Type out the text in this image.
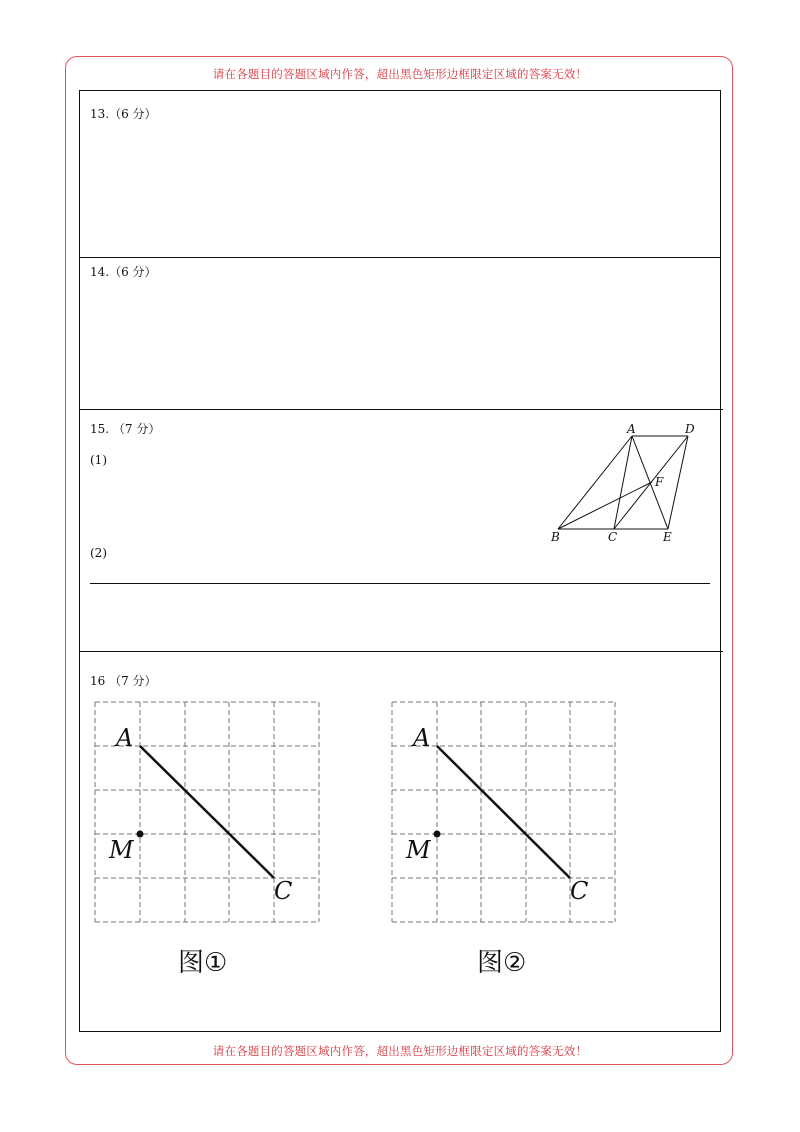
请在各题目的答题区域内作答，超出黑色矩形边框限定区域的答案无效！
请在各题目的答题区域内作答，超出黑色矩形边框限定区域的答案无效！
13.（6 分）
14.（6 分）
15. （7 分）
(1)
(2)
A	D
F
B	C	E
16 （7 分）
A
M
C
A
M
C
图①	图②
